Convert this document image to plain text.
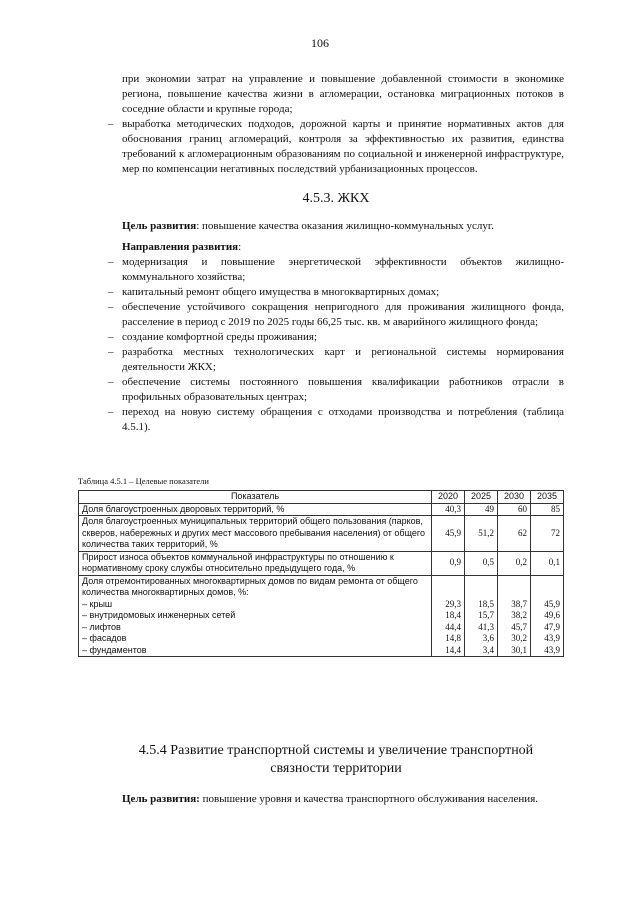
106

при экономии затрат на управление и повышение добавленной стоимости в экономике региона, повышение качества жизни в агломерации, остановка миграционных потоков в соседние области и крупные города;

– выработка методических подходов, дорожной карты и принятие нормативных актов для обоснования границ агломераций, контроля за эффективностью их развития, единства требований к агломерационным образованиям по социальной и инженерной инфраструктуре, мер по компенсации негативных последствий урбанизационных процессов.
4.5.3. ЖКХ

Цель развития: повышение качества оказания жилищно-коммунальных услуг.

Направления развития:

– модернизация и повышение энергетической эффективности объектов жилищно-коммунального хозяйства;
– капитальный ремонт общего имущества в многоквартирных домах;
– обеспечение устойчивого сокращения непригодного для проживания жилищного фонда, расселение в период с 2019 по 2025 годы 66,25 тыс. кв. м аварийного жилищного фонда;
– создание комфортной среды проживания;
– разработка местных технологических карт и региональной системы нормирования деятельности ЖКХ;
– обеспечение системы постоянного повышения квалификации работников отрасли в профильных образовательных центрах;
– переход на новую систему обращения с отходами производства и потребления (таблица 4.5.1).
Таблица 4.5.1 – Целевые показатели
Показатель	2020	2025	2030	2035
Доля благоустроенных дворовых территорий, %	40,3	49	60	85
Доля благоустроенных муниципальных территорий общего пользования (парков, скверов, набережных и других мест массового пребывания населения) от общего количества таких территорий, %	45,9	51,2	62	72
Прирост износа объектов коммунальной инфраструктуры по отношению к нормативному сроку службы относительно предыдущего года, %	0,9	0,5	0,2	0,1
Доля отремонтированных многоквартирных домов по видам ремонта от общего количества многоквартирных домов, %:				
– крыш	29,3	18,5	38,7	45,9
– внутридомовых инженерных сетей	18,4	15,7	38,2	49,6
– лифтов	44,4	41,3	45,7	47,9
– фасадов	14,8	3,6	30,2	43,9
– фундаментов	14,4	3,4	30,1	43,9
4.5.4 Развитие транспортной системы и увеличение транспортной
связности территории

Цель развития: повышение уровня и качества транспортного обслуживания населения.
